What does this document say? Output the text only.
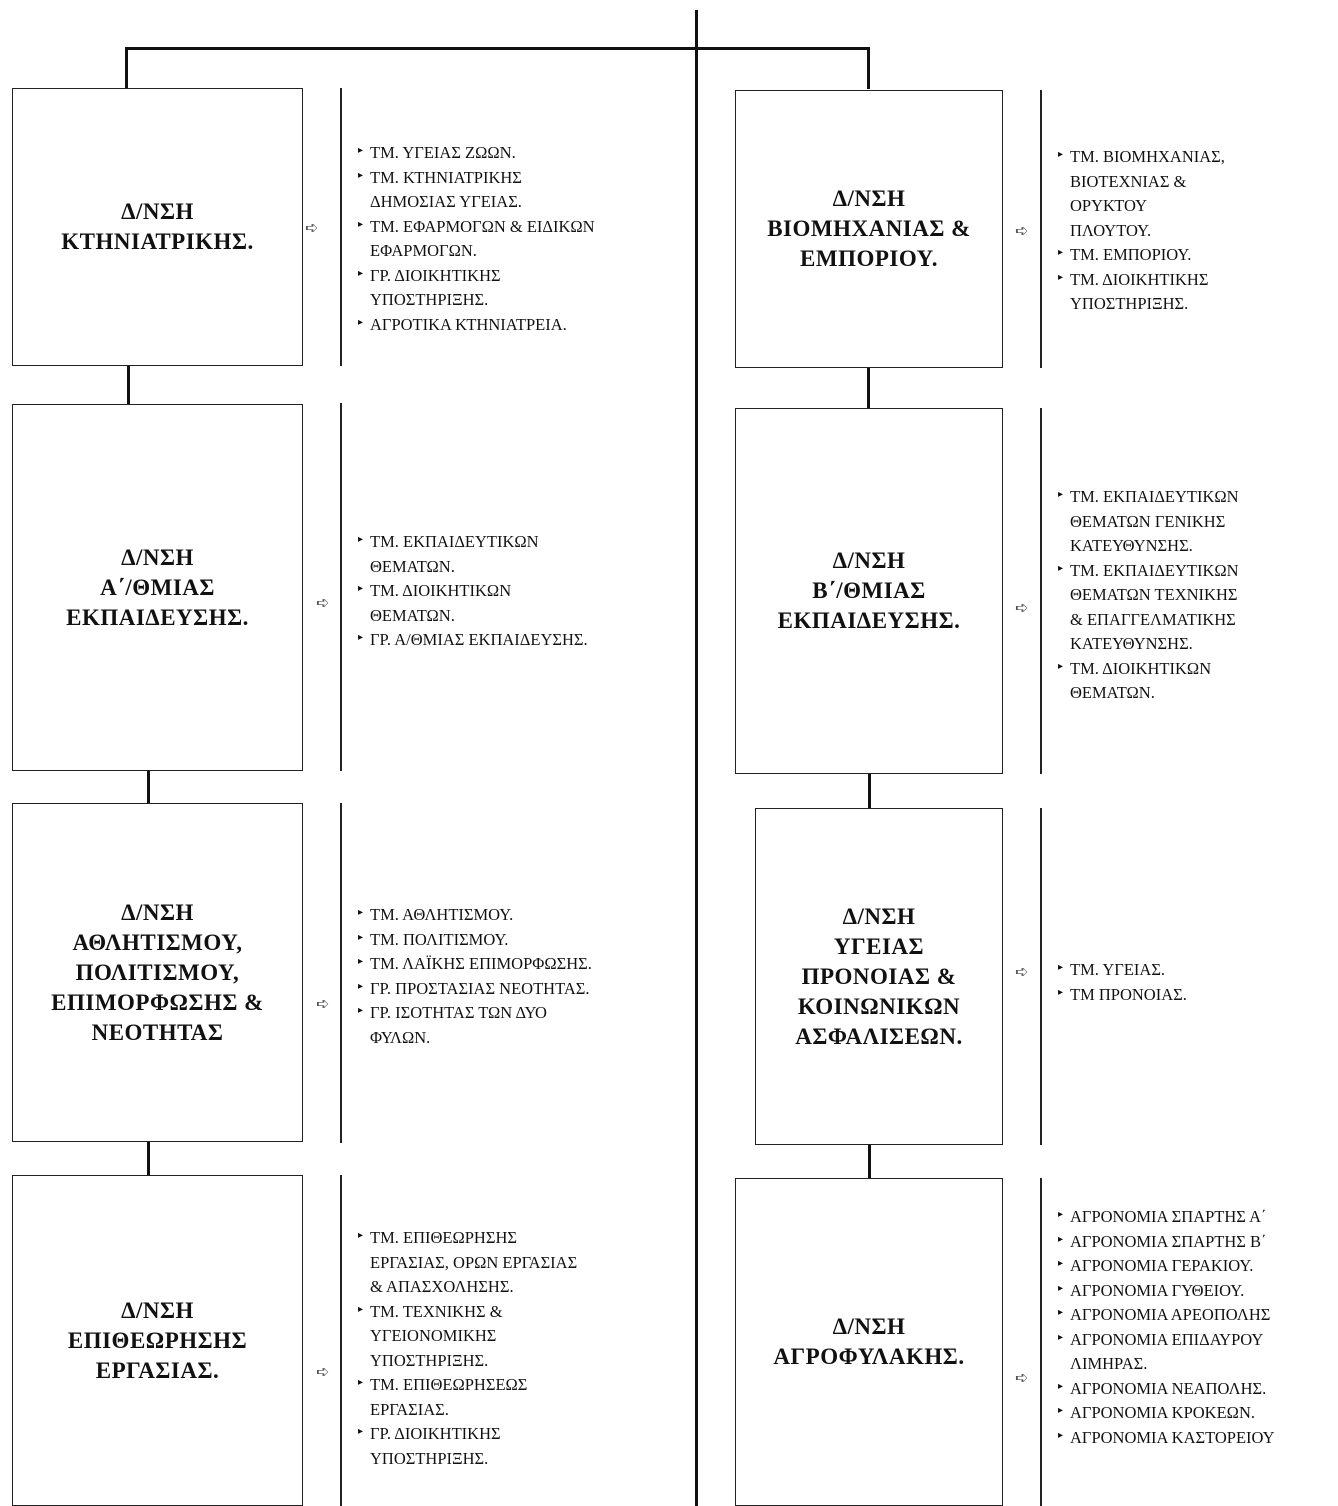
Δ/ΝΣΗ
ΚΤΗΝΙΑΤΡΙΚΗΣ.
➪
▸ ΤΜ. ΥΓΕΙΑΣ ΖΩΩΝ.
▸ ΤΜ. ΚΤΗΝΙΑΤΡΙΚΗΣ
ΔΗΜΟΣΙΑΣ ΥΓΕΙΑΣ.
▸ ΤΜ. ΕΦΑΡΜΟΓΩΝ & ΕΙΔΙΚΩΝ
ΕΦΑΡΜΟΓΩΝ.
▸ ΓΡ. ΔΙΟΙΚΗΤΙΚΗΣ
ΥΠΟΣΤΗΡΙΞΗΣ.
▸ ΑΓΡΟΤΙΚΑ ΚΤΗΝΙΑΤΡΕΙΑ.
Δ/ΝΣΗ
Α΄/ΘΜΙΑΣ
ΕΚΠΑΙΔΕΥΣΗΣ.
➪
▸ ΤΜ. ΕΚΠΑΙΔΕΥΤΙΚΩΝ
ΘΕΜΑΤΩΝ.
▸ ΤΜ. ΔΙΟΙΚΗΤΙΚΩΝ
ΘΕΜΑΤΩΝ.
▸ ΓΡ. Α/ΘΜΙΑΣ ΕΚΠΑΙΔΕΥΣΗΣ.
Δ/ΝΣΗ
ΑΘΛΗΤΙΣΜΟΥ,
ΠΟΛΙΤΙΣΜΟΥ,
ΕΠΙΜΟΡΦΩΣΗΣ &
ΝΕΟΤΗΤΑΣ
➪
▸ ΤΜ. ΑΘΛΗΤΙΣΜΟΥ.
▸ ΤΜ. ΠΟΛΙΤΙΣΜΟΥ.
▸ ΤΜ. ΛΑΪΚΗΣ ΕΠΙΜΟΡΦΩΣΗΣ.
▸ ΓΡ. ΠΡΟΣΤΑΣΙΑΣ ΝΕΟΤΗΤΑΣ.
▸ ΓΡ. ΙΣΟΤΗΤΑΣ ΤΩΝ ΔΥΟ
ΦΥΛΩΝ.
Δ/ΝΣΗ
ΕΠΙΘΕΩΡΗΣΗΣ
ΕΡΓΑΣΙΑΣ.	➪
▸ ΤΜ. ΕΠΙΘΕΩΡΗΣΗΣ
ΕΡΓΑΣΙΑΣ, ΟΡΩΝ ΕΡΓΑΣΙΑΣ
& ΑΠΑΣΧΟΛΗΣΗΣ.
▸ ΤΜ. ΤΕΧΝΙΚΗΣ &
ΥΓΕΙΟΝΟΜΙΚΗΣ
ΥΠΟΣΤΗΡΙΞΗΣ.
▸ ΤΜ. ΕΠΙΘΕΩΡΗΣΕΩΣ
ΕΡΓΑΣΙΑΣ.
▸ ΓΡ. ΔΙΟΙΚΗΤΙΚΗΣ
ΥΠΟΣΤΗΡΙΞΗΣ.
Δ/ΝΣΗ
ΒΙΟΜΗΧΑΝΙΑΣ &
ΕΜΠΟΡΙΟΥ.
➪
▸ ΤΜ. ΒΙΟΜΗΧΑΝΙΑΣ,
ΒΙΟΤΕΧΝΙΑΣ &
ΟΡΥΚΤΟΥ
ΠΛΟΥΤΟΥ.
▸ ΤΜ. ΕΜΠΟΡΙΟΥ.
▸ ΤΜ. ΔΙΟΙΚΗΤΙΚΗΣ
ΥΠΟΣΤΗΡΙΞΗΣ.
Δ/ΝΣΗ
Β΄/ΘΜΙΑΣ
ΕΚΠΑΙΔΕΥΣΗΣ.
➪
▸ ΤΜ. ΕΚΠΑΙΔΕΥΤΙΚΩΝ
ΘΕΜΑΤΩΝ ΓΕΝΙΚΗΣ
ΚΑΤΕΥΘΥΝΣΗΣ.
▸ ΤΜ. ΕΚΠΑΙΔΕΥΤΙΚΩΝ
ΘΕΜΑΤΩΝ ΤΕΧΝΙΚΗΣ
& ΕΠΑΓΓΕΛΜΑΤΙΚΗΣ
ΚΑΤΕΥΘΥΝΣΗΣ.
▸ ΤΜ. ΔΙΟΙΚΗΤΙΚΩΝ
ΘΕΜΑΤΩΝ.
Δ/ΝΣΗ
ΥΓΕΙΑΣ
ΠΡΟΝΟΙΑΣ &
ΚΟΙΝΩΝΙΚΩΝ
ΑΣΦΑΛΙΣΕΩΝ.
➪	▸ ΤΜ. ΥΓΕΙΑΣ.
▸ ΤΜ ΠΡΟΝΟΙΑΣ.
Δ/ΝΣΗ
ΑΓΡΟΦΥΛΑΚΗΣ.
➪
▸ ΑΓΡΟΝΟΜΙΑ ΣΠΑΡΤΗΣ Α΄
▸ ΑΓΡΟΝΟΜΙΑ ΣΠΑΡΤΗΣ Β΄
▸ ΑΓΡΟΝΟΜΙΑ ΓΕΡΑΚΙΟΥ.
▸ ΑΓΡΟΝΟΜΙΑ ΓΥΘΕΙΟΥ.
▸ ΑΓΡΟΝΟΜΙΑ ΑΡΕΟΠΟΛΗΣ
▸ ΑΓΡΟΝΟΜΙΑ ΕΠΙΔΑΥΡΟΥ
ΛΙΜΗΡΑΣ.
▸ ΑΓΡΟΝΟΜΙΑ ΝΕΑΠΟΛΗΣ.
▸ ΑΓΡΟΝΟΜΙΑ ΚΡΟΚΕΩΝ.
▸ ΑΓΡΟΝΟΜΙΑ ΚΑΣΤΟΡΕΙΟΥ
